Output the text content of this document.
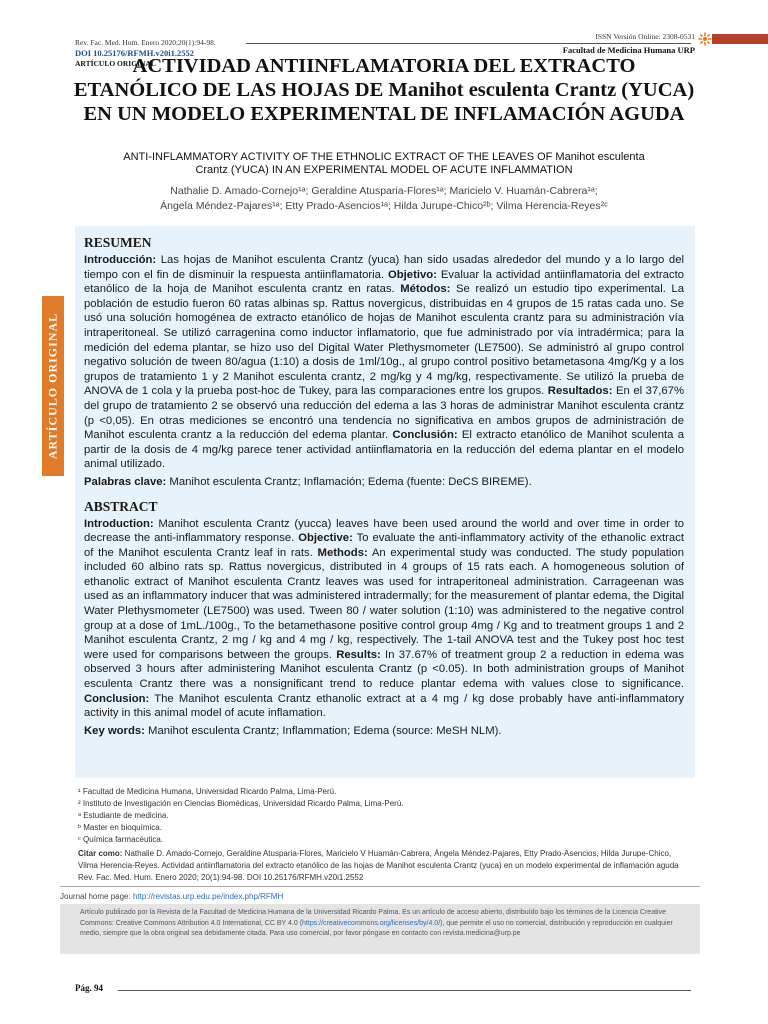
Rev. Fac. Med. Hum. Enero 2020;20(1):94-98.
DOI 10.25176/RFMH.v20i1.2552
ARTÍCULO ORIGINAL
ISSN Versión Online: 2308-0531
Facultad de Medicina Humana URP
ACTIVIDAD ANTIINFLAMATORIA DEL EXTRACTO
ETANÓLICO DE LAS HOJAS DE Manihot esculenta Crantz (YUCA)
EN UN MODELO EXPERIMENTAL DE INFLAMACIÓN AGUDA
ANTI-INFLAMMATORY ACTIVITY OF THE ETHNOLIC EXTRACT OF THE LEAVES OF Manihot esculenta
Crantz (YUCA) IN AN EXPERIMENTAL MODEL OF ACUTE INFLAMMATION
Nathalie D. Amado-Cornejo¹ᵃ; Geraldine Atusparia-Flores¹ᵃ; Maricielo V. Huamán-Cabrera¹ᵃ;
Ángela Méndez-Pajares¹ᵃ; Etty Prado-Asencios¹ᵃ; Hilda Jurupe-Chico²ᵇ; Vilma Herencia-Reyes²ᶜ
ARTÍCULO ORIGINAL
RESUMEN

Introducción: Las hojas de Manihot esculenta Crantz (yuca) han sido usadas alrededor del mundo y a lo largo del tiempo con el fin de disminuir la respuesta antiinflamatoria. Objetivo: Evaluar la actividad antiinflamatoria del extracto etanólico de la hoja de Manihot esculenta crantz en ratas. Métodos: Se realizó un estudio tipo experimental. La población de estudio fueron 60 ratas albinas sp. Rattus novergicus, distribuidas en 4 grupos de 15 ratas cada uno. Se usó una solución homogénea de extracto etanólico de hojas de Manihot esculenta crantz para su administración vía intraperitoneal. Se utilizó carragenina como inductor inflamatorio, que fue administrado por vía intradérmica; para la medición del edema plantar, se hizo uso del Digital Water Plethysmometer (LE7500). Se administró al grupo control negativo solución de tween 80/agua (1:10) a dosis de 1ml/10g., al grupo control positivo betametasona 4mg/Kg y a los grupos de tratamiento 1 y 2 Manihot esculenta crantz, 2 mg/kg y 4 mg/kg, respectivamente. Se utilizó la prueba de ANOVA de 1 cola y la prueba post-hoc de Tukey, para las comparaciones entre los grupos. Resultados: En el 37,67% del grupo de tratamiento 2 se observó una reducción del edema a las 3 horas de administrar Manihot esculenta crantz (p <0,05). En otras mediciones se encontró una tendencia no significativa en ambos grupos de administración de Manihot esculenta crantz a la reducción del edema plantar. Conclusión: El extracto etanólico de Manihot sculenta a partir de la dosis de 4 mg/kg parece tener actividad antiinflamatoria en la reducción del edema plantar en el modelo animal utilizado.

Palabras clave: Manihot esculenta Crantz; Inflamación; Edema (fuente: DeCS BIREME).

ABSTRACT

Introduction: Manihot esculenta Crantz (yucca) leaves have been used around the world and over time in order to decrease the anti-inflammatory response. Objective: To evaluate the anti-inflammatory activity of the ethanolic extract of the Manihot esculenta Crantz leaf in rats. Methods: An experimental study was conducted. The study population included 60 albino rats sp. Rattus novergicus, distributed in 4 groups of 15 rats each. A homogeneous solution of ethanolic extract of Manihot esculenta Crantz leaves was used for intraperitoneal administration. Carrageenan was used as an inflammatory inducer that was administered intradermally; for the measurement of plantar edema, the Digital Water Plethysmometer (LE7500) was used. Tween 80 / water solution (1:10) was administered to the negative control group at a dose of 1mL./100g., To the betamethasone positive control group 4mg / Kg and to treatment groups 1 and 2 Manihot esculenta Crantz, 2 mg / kg and 4 mg / kg, respectively. The 1-tail ANOVA test and the Tukey post hoc test were used for comparisons between the groups. Results: In 37.67% of treatment group 2 a reduction in edema was observed 3 hours after administering Manihot esculenta Crantz (p <0.05). In both administration groups of Manihot esculenta Crantz there was a nonsignificant trend to reduce plantar edema with values close to significance. Conclusion: The Manihot esculenta Crantz ethanolic extract at a 4 mg / kg dose probably have anti-inflammatory activity in this animal model of acute inflamation.

Key words: Manihot esculenta Crantz; Inflammation; Edema (source: MeSH NLM).

¹ Facultad de Medicina Humana, Universidad Ricardo Palma, Lima-Perú.
² Instituto de Investigación en Ciencias Biomédicas, Universidad Ricardo Palma, Lima-Perú.
ᵃ Estudiante de medicina.
ᵇ Master en bioquímica.
ᶜ Química farmacéutica.
Citar como: Nathalie D. Amado-Cornejo, Geraldine Atusparia-Flores, Maricielo V Huamán-Cabrera, Ángela Méndez-Pajares, Etty Prado-Asencios, Hilda Jurupe-Chico, Vilma Herencia-Reyes. Actividad antiinflamatoria del extracto etanólico de las hojas de Manihot esculenta Crantz (yuca) en un modelo experimental de inflamación aguda Rev. Fac. Med. Hum. Enero 2020; 20(1):94-98. DOI 10.25176/RFMH.v20i1.2552
Journal home page: http://revistas.urp.edu.pe/index.php/RFMH
Artículo publicado por la Revista de la Facultad de Medicina Humana de la Universidad Ricardo Palma. Es un artículo de acceso abierto, distribuído bajo los términos de la Licencia Creative Commons: Creative Commons Attribution 4.0 International, CC BY 4.0 (https://creativecommons.org/licenses/by/4.0/), que permite el uso no comercial, distribución y reproducción en cualquier medio, siempre que la obra original sea debidamente citada. Para uso comercial, por favor póngase en contacto con revista.medicina@urp.pe
Pág. 94
